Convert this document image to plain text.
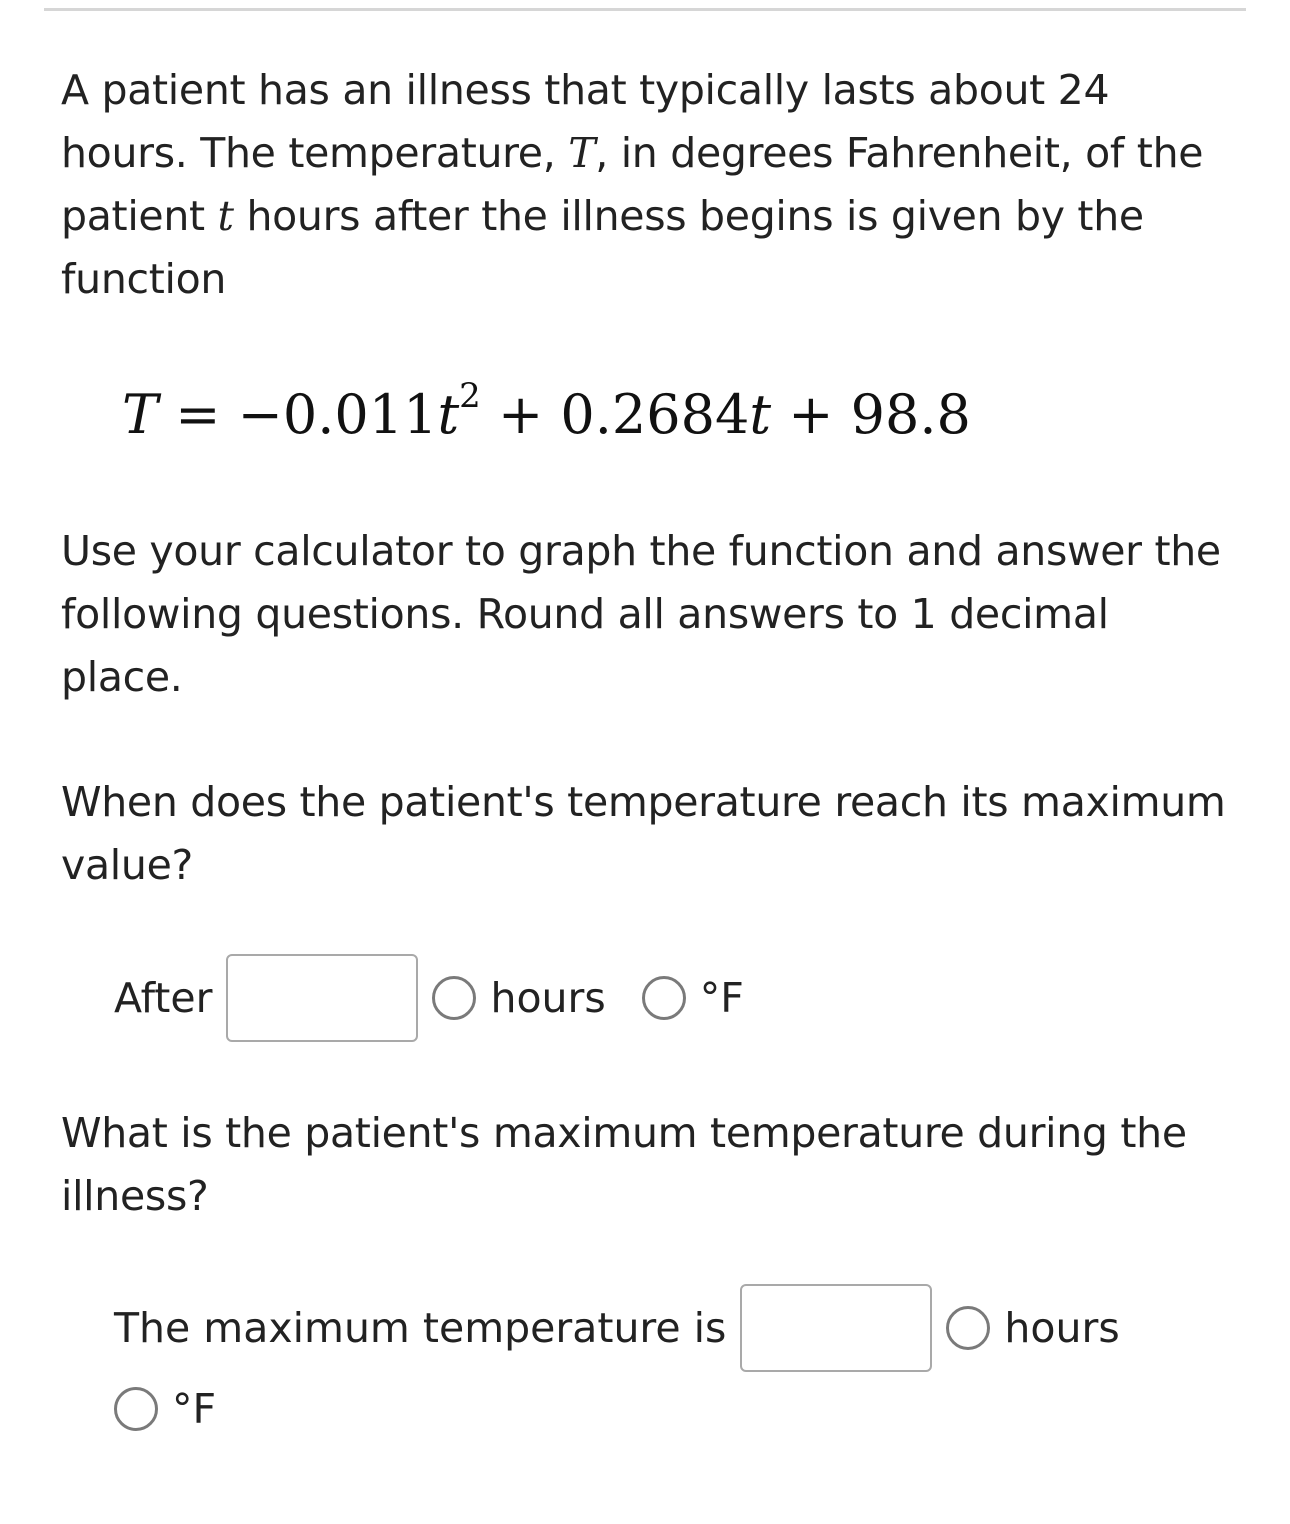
A patient has an illness that typically lasts about 24 hours. The temperature, T, in degrees Fahrenheit, of the patient t hours after the illness begins is given by the function

$T = -0.011t^2 + 0.2684t + 98.8$

Use your calculator to graph the function and answer the following questions. Round all answers to 1 decimal place.

When does the patient's temperature reach its maximum value?

After	hours °F

What is the patient's maximum temperature during the illness?

The maximum temperature is	hours
°F
